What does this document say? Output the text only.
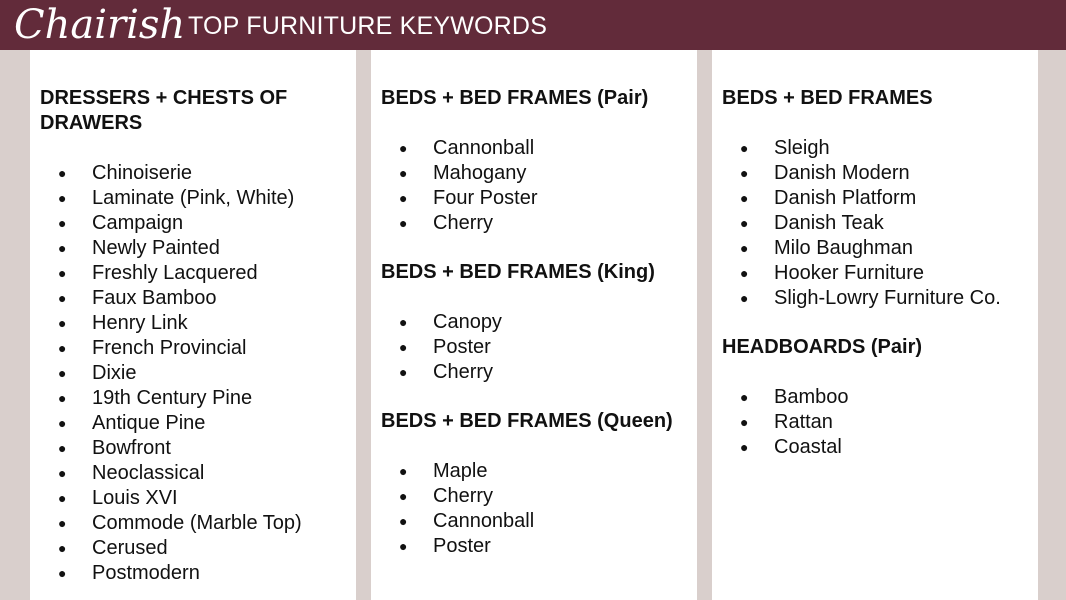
Chairish TOP FURNITURE KEYWORDS
DRESSERS + CHESTS OF
DRAWERS
● Chinoiserie
● Laminate (Pink, White)
● Campaign
● Newly Painted
● Freshly Lacquered
● Faux Bamboo
● Henry Link
● French Provincial
● Dixie
● 19th Century Pine
● Antique Pine
● Bowfront
● Neoclassical
● Louis XVI
● Commode (Marble Top)
● Cerused
● Postmodern
BEDS + BED FRAMES (Pair)
● Cannonball
● Mahogany
● Four Poster
● Cherry
BEDS + BED FRAMES (King)
● Canopy
● Poster
● Cherry
BEDS + BED FRAMES (Queen)
● Maple
● Cherry
● Cannonball
● Poster
BEDS + BED FRAMES
● Sleigh
● Danish Modern
● Danish Platform
● Danish Teak
● Milo Baughman
● Hooker Furniture
● Sligh-Lowry Furniture Co.
HEADBOARDS (Pair)
● Bamboo
● Rattan
● Coastal
